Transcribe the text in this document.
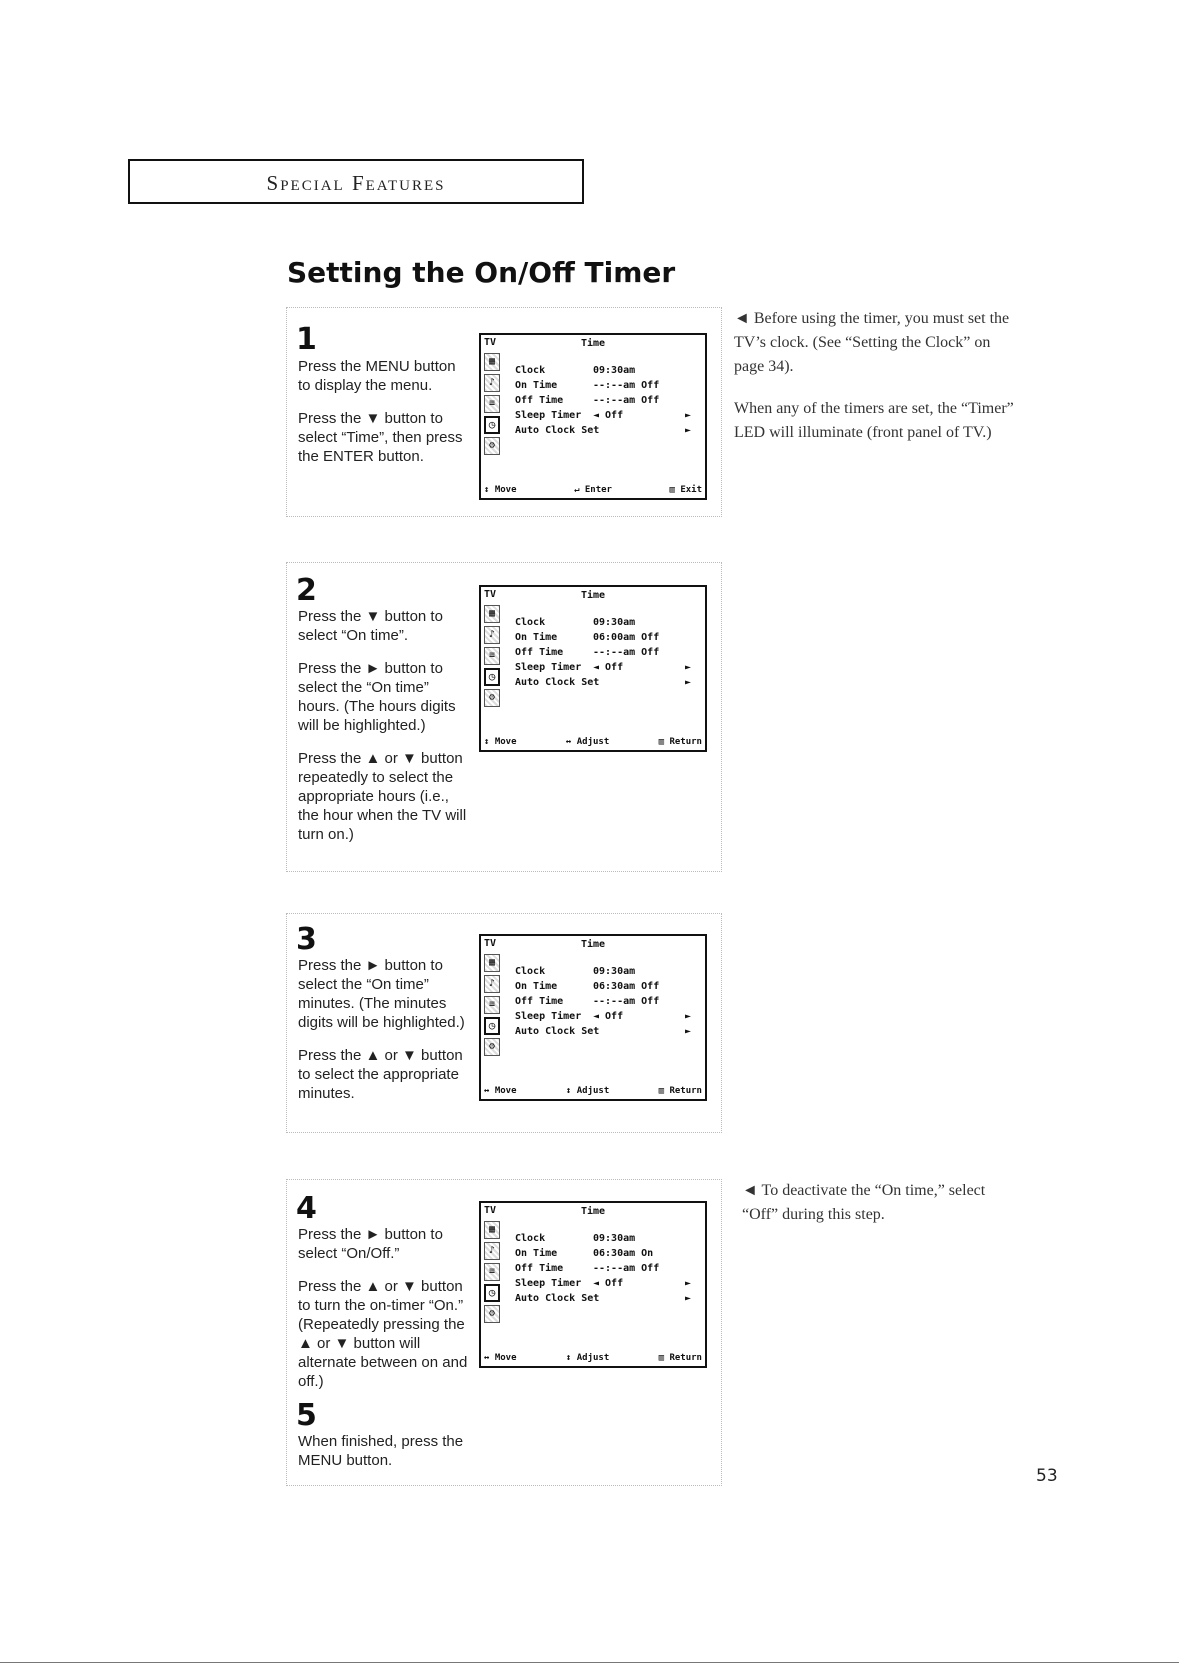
Special Features
Setting the On/Off Timer
1

Press the MENU button to display the menu.

Press the ▼ button to select “Time”, then press the ENTER button.

TV	Time
▦
♪
≡
◷
⚙
Clock	09:30am
On Time	--:--am Off
Off Time	--:--am Off
Sleep Timer ◄ Off	►
Auto Clock Set	►
↕ Move	↵ Enter	▥ Exit
2

Press the ▼ button to select “On time”.

Press the ► button to select the “On time” hours. (The hours digits will be highlighted.)

Press the ▲ or ▼ button repeatedly to select the appropriate hours (i.e., the hour when the TV will turn on.)

TV	Time
▦
♪
≡
◷
⚙
Clock	09:30am
On Time	06:00am Off
Off Time	--:--am Off
Sleep Timer ◄ Off	►
Auto Clock Set	►
↕ Move	↔ Adjust	▥ Return
3

Press the ► button to select the “On time” minutes. (The minutes digits will be highlighted.)

Press the ▲ or ▼ button to select the appropriate minutes.

TV	Time
▦
♪
≡
◷
⚙
Clock	09:30am
On Time	06:30am Off
Off Time	--:--am Off
Sleep Timer ◄ Off	►
Auto Clock Set	►
↔ Move	↕ Adjust	▥ Return
4

Press the ► button to select “On/Off.”

Press the ▲ or ▼ button to turn the on-timer “On.” (Repeatedly pressing the ▲ or ▼ button will alternate between on and off.)

TV	Time
▦
♪
≡
◷
⚙
Clock	09:30am
On Time	06:30am On
Off Time	--:--am Off
Sleep Timer ◄ Off	►
Auto Clock Set	►
↔ Move	↕ Adjust	▥ Return
5

When finished, press the MENU button.

◄ Before using the timer, you must set the TV’s clock. (See “Setting the Clock” on page 34).

When any of the timers are set, the “Timer” LED will illuminate (front panel of TV.)

◄ To deactivate the “On time,” select “Off” during this step.

53
